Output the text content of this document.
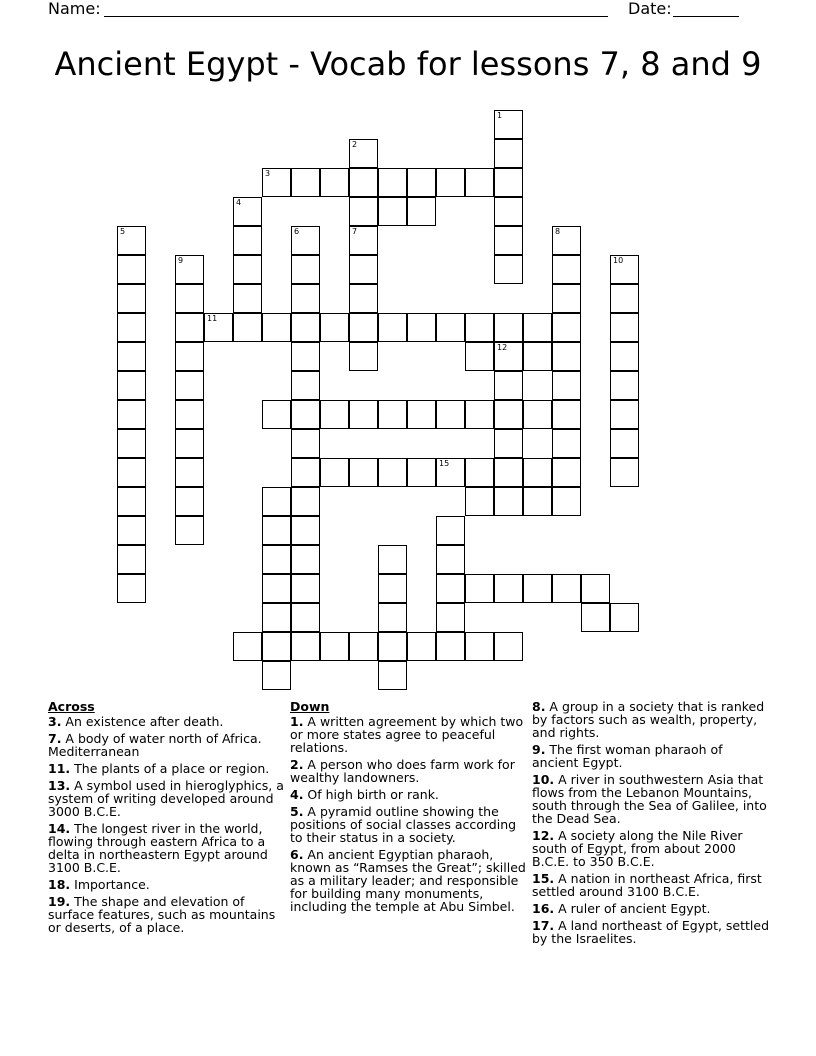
Name:	Date:
Ancient Egypt - Vocab for lessons 7, 8 and 9
1
2
7
3
4
5	6	8
9	10
11
12
15
Across
3. An existence after death.
7. A body of water north of Africa. Mediterranean
11. The plants of a place or region.
13. A symbol used in hieroglyphics, a system of writing developed around 3000 B.C.E.
14. The longest river in the world, flowing through eastern Africa to a delta in northeastern Egypt around 3100 B.C.E.
18. Importance.
19. The shape and elevation of surface features, such as mountains or deserts, of a place.
Down
1. A written agreement by which two or more states agree to peaceful relations.
2. A person who does farm work for wealthy landowners.
4. Of high birth or rank.
5. A pyramid outline showing the positions of social classes according to their status in a society.
6. An ancient Egyptian pharaoh, known as “Ramses the Great”; skilled as a military leader; and responsible for building many monuments, including the temple at Abu Simbel.
8. A group in a society that is ranked by factors such as wealth, property, and rights.
9. The first woman pharaoh of ancient Egypt.
10. A river in southwestern Asia that flows from the Lebanon Mountains, south through the Sea of Galilee, into the Dead Sea.
12. A society along the Nile River south of Egypt, from about 2000 B.C.E. to 350 B.C.E.
15. A nation in northeast Africa, first settled around 3100 B.C.E.
16. A ruler of ancient Egypt.
17. A land northeast of Egypt, settled by the Israelites.
